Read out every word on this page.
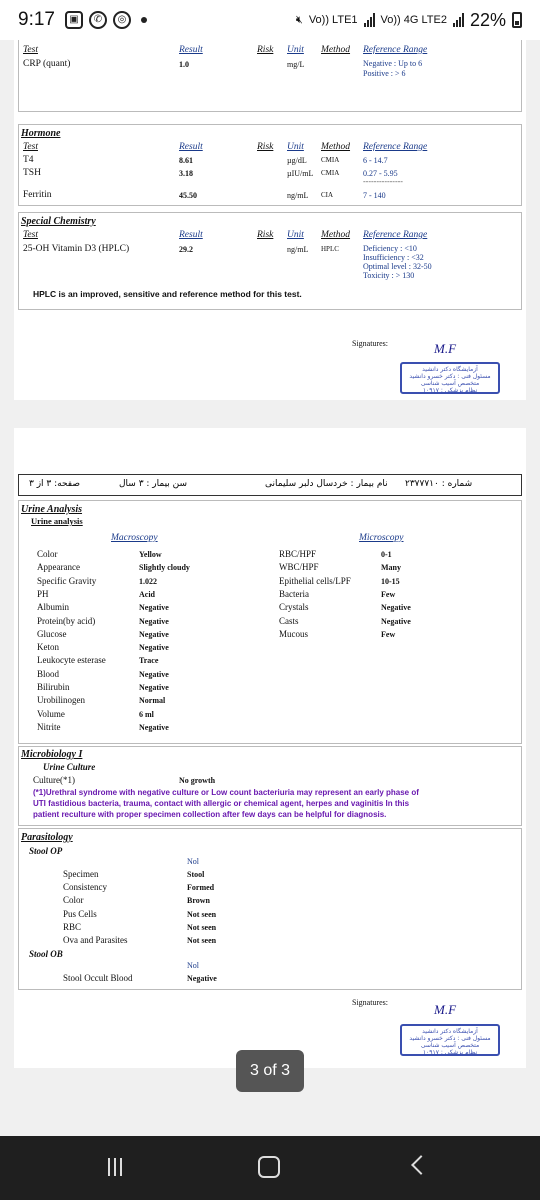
9:17	▣	✆	◎	🔇︎ Vo)) LTE1 Vo)) 4G LTE2 22%
Test	Result	Risk Unit Method Reference Range
CRP (quant)	1.0	mg/L	Negative : Up to 6
Positive : > 6
Hormone
Test	Result	Risk Unit Method Reference Range
T4	8.61	µg/dL CMIA	6 - 14.7
TSH	3.18	µIU/mL CMIA	0.27 - 5.95
---------------
Ferritin	45.50	ng/mL CIA	7 - 140
Special Chemistry
Test	Result	Risk Unit Method Reference Range
25-OH Vitamin D3 (HPLC)	29.2	ng/mL HPLC	Deficiency : <10
Insufficiency : <32
Optimal level : 32-50
Toxicity : > 130
HPLC is an improved, sensitive and reference method for this test.
Signatures:	M.F
آزمایشگاه دکتر دانشید
مسئول فنی : دکتر خسرو دانشید
متخصص آسیب شناسی
نظام پزشکی : ۱۰۹۱۷
صفحه: ۳ از ۳	سن بیمار : ۳ سال	نام بیمار : خردسال دلبر سلیمانی شماره : ۲۳۷۷۷۱۰
Urine Analysis
Urine analysis
Macroscopy	Microscopy
Color	Yellow
Appearance	Slightly cloudy
Specific Gravity	1.022
PH	Acid
Albumin	Negative
Protein(by acid)	Negative
Glucose	Negative
Keton	Negative
Leukocyte esterase	Trace
Blood	Negative
Bilirubin	Negative
Urobilinogen	Normal
Volume	6 ml
Nitrite	Negative
RBC/HPF	0-1
WBC/HPF	Many
Epithelial cells/LPF	10-15
Bacteria	Few
Crystals	Negative
Casts	Negative
Mucous	Few
Microbiology I
Urine Culture
Culture(*1)	No growth
(*1)Urethral syndrome with negative culture or Low count bacteriuria may represent an early phase of
UTI fastidious bacteria, trauma, contact with allergic or chemical agent, herpes and vaginitis In this
patient reculture with proper specimen collection after few days can be helpful for diagnosis.
Parasitology
Stool OP
Nol
Specimen	Stool
Consistency	Formed
Color	Brown
Pus Cells	Not seen
RBC	Not seen
Ova and Parasites	Not seen
Stool OB
Nol
Stool Occult Blood	Negative
Signatures:	M.F
آزمایشگاه دکتر دانشید
مسئول فنی : دکتر خسرو دانشید
متخصص آسیب شناسی
نظام پزشکی : ۱۰۹۱۷
3 of 3
